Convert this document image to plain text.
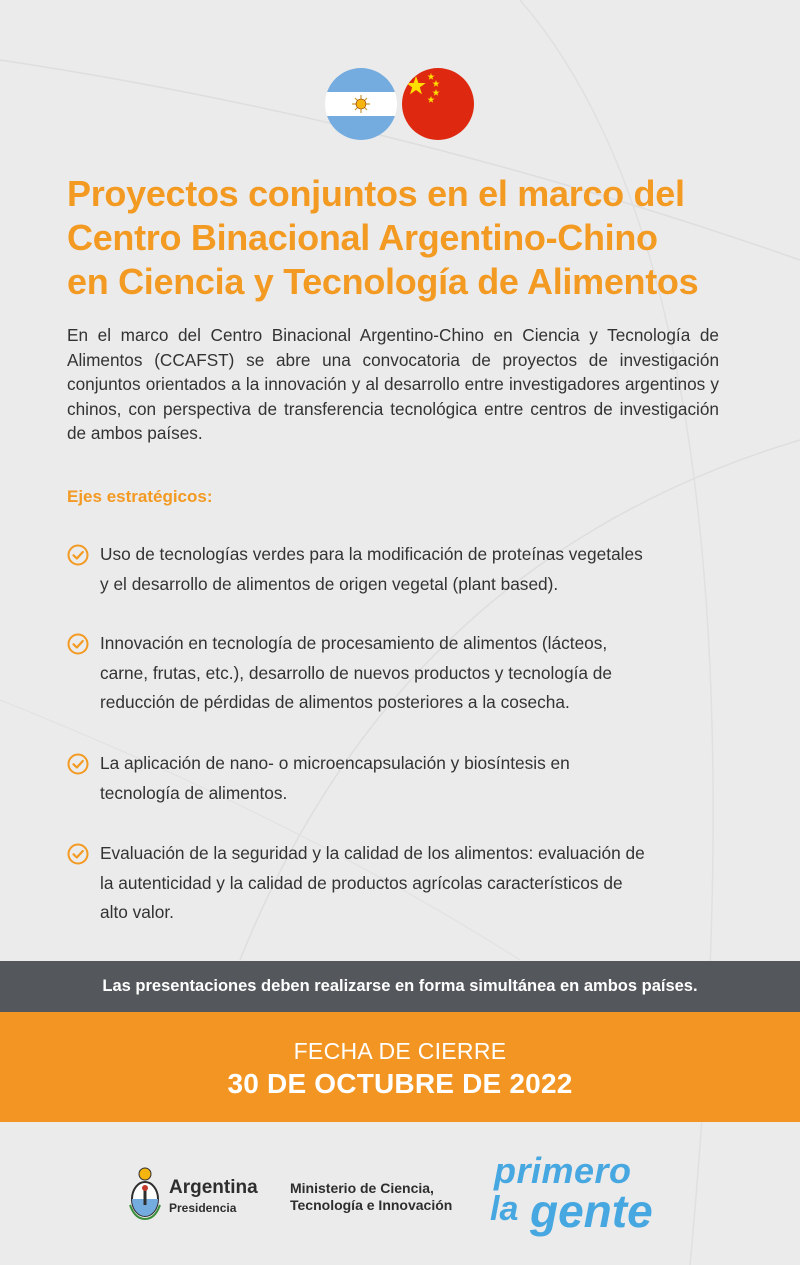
Proyectos conjuntos en el marco del
Centro Binacional Argentino-Chino
en Ciencia y Tecnología de Alimentos

En el marco del Centro Binacional Argentino-Chino en Ciencia y Tecnología de Alimentos (CCAFST) se abre una convocatoria de proyectos de investigación conjuntos orientados a la innovación y al desarrollo entre investigadores argentinos y chinos, con perspectiva de transferencia tecnológica entre centros de investigación de ambos países.

Ejes estratégicos:
Uso de tecnologías verdes para la modificación de proteínas vegetales
y el desarrollo de alimentos de origen vegetal (plant based).
Innovación en tecnología de procesamiento de alimentos (lácteos,
carne, frutas, etc.), desarrollo de nuevos productos y tecnología de
reducción de pérdidas de alimentos posteriores a la cosecha.
La aplicación de nano- o microencapsulación y biosíntesis en
tecnología de alimentos.
Evaluación de la seguridad y la calidad de los alimentos: evaluación de
la autenticidad y la calidad de productos agrícolas característicos de
alto valor.
Las presentaciones deben realizarse en forma simultánea en ambos países.
FECHA DE CIERRE
30 DE OCTUBRE DE 2022
Argentina
Presidencia
Ministerio de Ciencia,
Tecnología e Innovación
primero
la gente
